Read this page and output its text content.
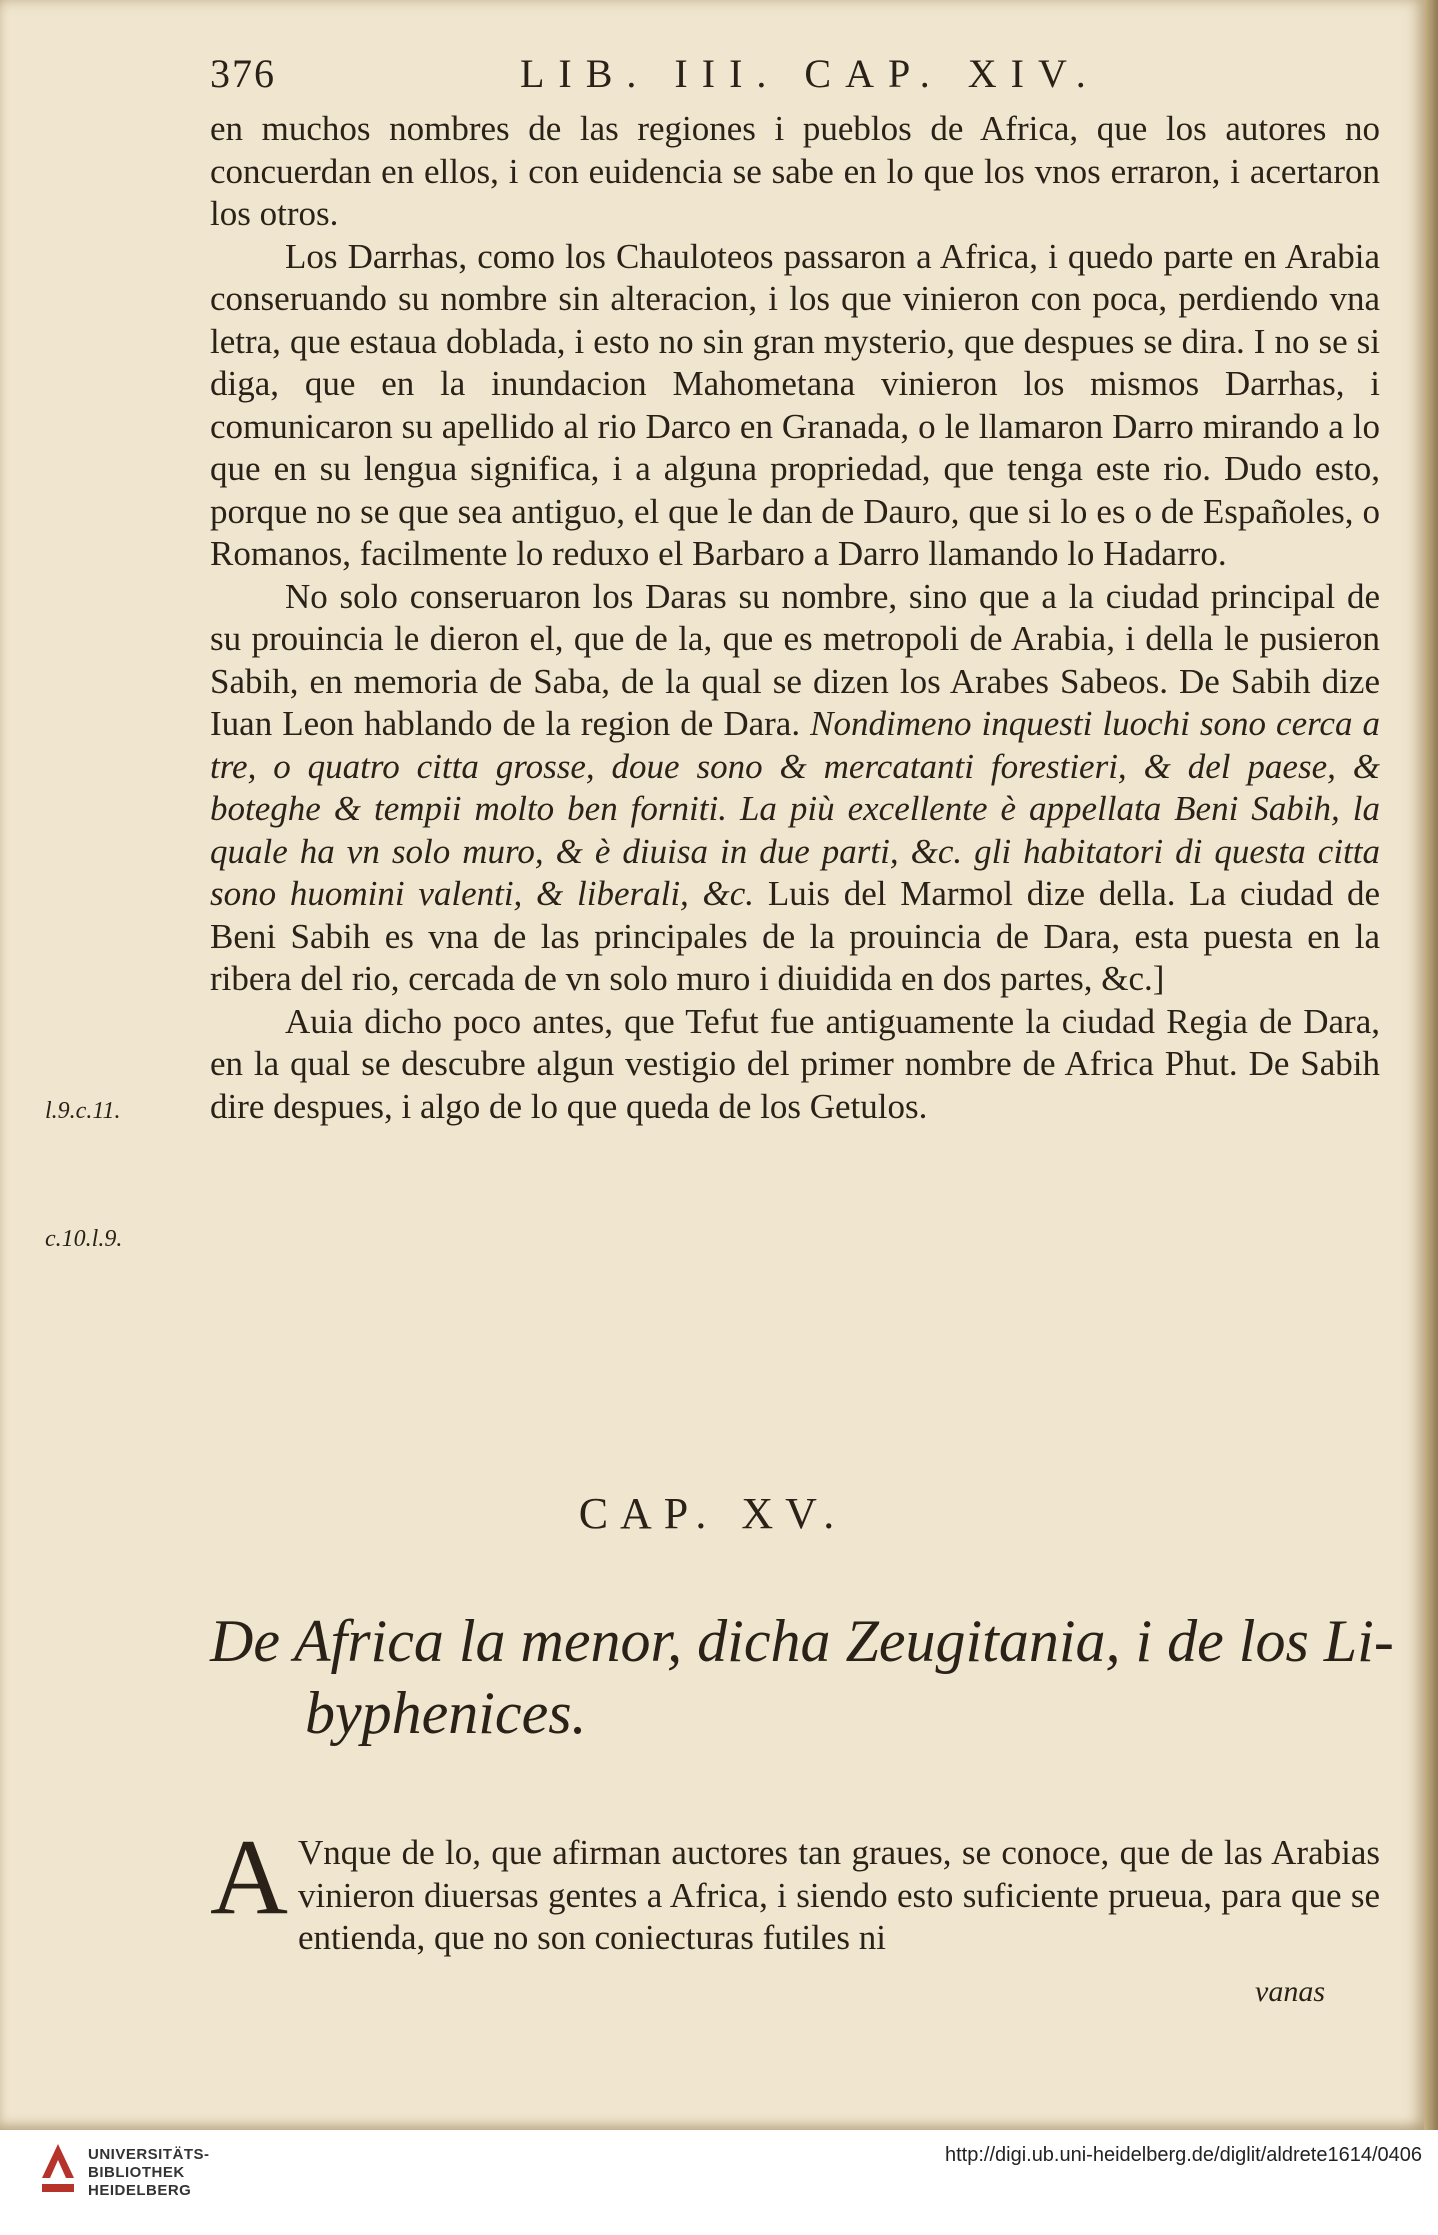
376	LIB. III. CAP. XIV.

en muchos nombres de las regiones i pueblos de Africa, que los autores no concuerdan en ellos, i con euidencia se sabe en lo que los vnos erraron, i acertaron los otros.

Los Darrhas, como los Chauloteos passaron a Africa, i quedo parte en Arabia conseruando su nombre sin alteracion, i los que vinieron con poca, perdiendo vna letra, que estaua doblada, i esto no sin gran mysterio, que despues se dira. I no se si diga, que en la inundacion Mahometana vinieron los mismos Darrhas, i comunicaron su apellido al rio Darco en Granada, o le llamaron Darro mirando a lo que en su lengua significa, i a alguna propriedad, que tenga este rio. Dudo esto, porque no se que sea antiguo, el que le dan de Dauro, que si lo es o de Españoles, o Romanos, facilmente lo reduxo el Barbaro a Darro llamando lo Hadarro.

No solo conseruaron los Daras su nombre, sino que a la ciudad principal de su prouincia le dieron el, que de la, que es metropoli de Arabia, i della le pusieron Sabih, en memoria de Saba, de la qual se dizen los Arabes Sabeos. De Sabih dize Iuan Leon hablando de la region de Dara. Nondimeno inquesti luochi sono cerca a tre, o quatro citta grosse, doue sono & mercatanti forestieri, & del paese, & boteghe & tempii molto ben forniti. La più excellente è appellata Beni Sabih, la quale ha vn solo muro, & è diuisa in due parti, &c. gli habitatori di questa citta sono huomini valenti, & liberali, &c. Luis del Marmol dize della. La ciudad de Beni Sabih es vna de las principales de la prouincia de Dara, esta puesta en la ribera del rio, cercada de vn solo muro i diuidida en dos partes, &c.]

Auia dicho poco antes, que Tefut fue antiguamente la ciudad Regia de Dara, en la qual se descubre algun vestigio del primer nombre de Africa Phut. De Sabih dire despues, i algo de lo que queda de los Getulos.

l.9.c.11.
c.10.l.9.
CAP. XV.
De Africa la menor, dicha Zeugitania, i de los Li-
byphenices.
A Vnque de lo, que afirman auctores tan graues, se conoce, que de las Arabias vinieron diuersas gentes a Africa, i siendo esto suficiente prueua, para que se entienda, que no son coniecturas futiles ni
vanas
UNIVERSITÄTS-
BIBLIOTHEK
HEIDELBERG
http://digi.ub.uni-heidelberg.de/diglit/aldrete1614/0406
